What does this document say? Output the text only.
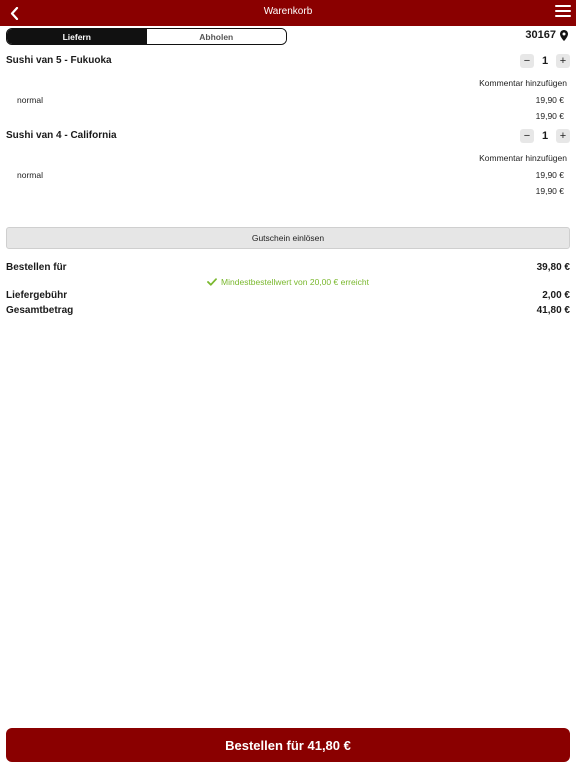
Warenkorb
Liefern	Abholen	30167
Sushi van 5 - Fukuoka	−	1	+
Kommentar hinzufügen
normal	19,90 €
19,90 €
Sushi van 4 - California	−	1	+
Kommentar hinzufügen
normal	19,90 €
19,90 €
Gutschein einlösen
Bestellen für	39,80 €
Mindestbestellwert von 20,00 € erreicht
Liefergebühr	2,00 €
Gesamtbetrag	41,80 €
Bestellen für 41,80 €
